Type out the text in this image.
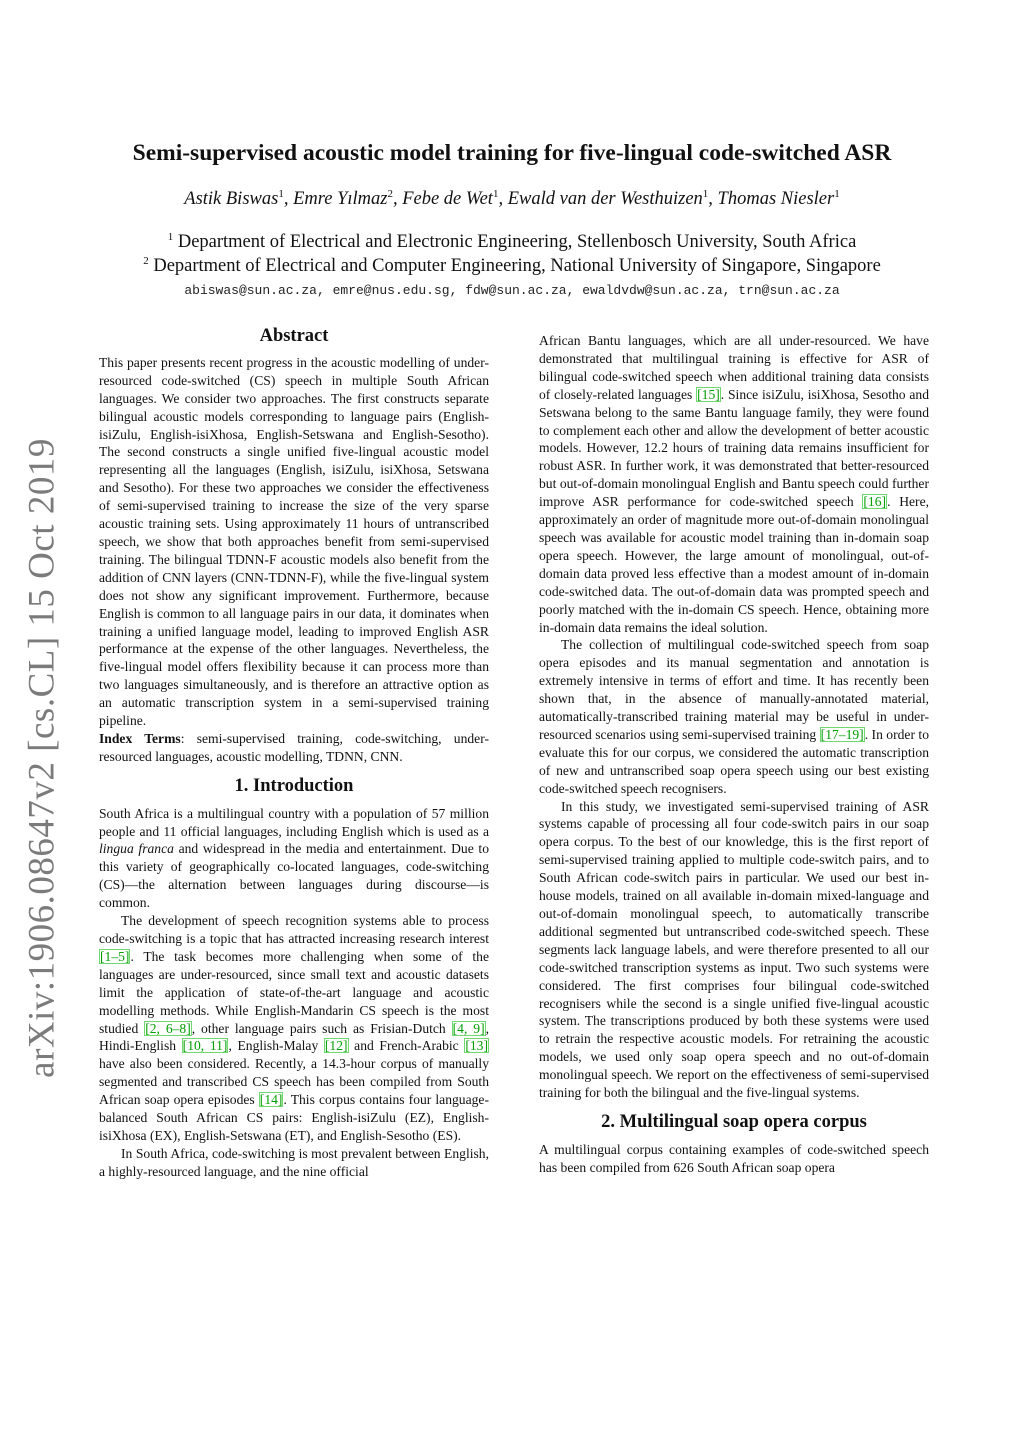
arXiv:1906.08647v2 [cs.CL] 15 Oct 2019
Semi-supervised acoustic model training for five-lingual code-switched ASR
Astik Biswas$^1$, Emre Yılmaz$^2$, Febe de Wet$^1$, Ewald van der Westhuizen$^1$, Thomas Niesler$^1$
$^1$ Department of Electrical and Electronic Engineering, Stellenbosch University, South Africa
$^2$ Department of Electrical and Computer Engineering, National University of Singapore, Singapore
abiswas@sun.ac.za, emre@nus.edu.sg, fdw@sun.ac.za, ewaldvdw@sun.ac.za, trn@sun.ac.za
Abstract

This paper presents recent progress in the acoustic modelling of under-resourced code-switched (CS) speech in multiple South African languages. We consider two approaches. The first constructs separate bilingual acoustic models corresponding to language pairs (English-isiZulu, English-isiXhosa, English-Setswana and English-Sesotho). The second constructs a single unified five-lingual acoustic model representing all the languages (English, isiZulu, isiXhosa, Setswana and Sesotho). For these two approaches we consider the effectiveness of semi-supervised training to increase the size of the very sparse acoustic training sets. Using approximately 11 hours of untranscribed speech, we show that both approaches benefit from semi-supervised training. The bilingual TDNN-F acoustic models also benefit from the addition of CNN layers (CNN-TDNN-F), while the five-lingual system does not show any significant improvement. Furthermore, because English is common to all language pairs in our data, it dominates when training a unified language model, leading to improved English ASR performance at the expense of the other languages. Nevertheless, the five-lingual model offers flexibility because it can process more than two languages simultaneously, and is therefore an attractive option as an automatic transcription system in a semi-supervised training pipeline.

Index Terms: semi-supervised training, code-switching, under-resourced languages, acoustic modelling, TDNN, CNN.

1. Introduction

South Africa is a multilingual country with a population of 57 million people and 11 official languages, including English which is used as a lingua franca and widespread in the media and entertainment. Due to this variety of geographically co-located languages, code-switching (CS)—the alternation between languages during discourse—is common.

The development of speech recognition systems able to process code-switching is a topic that has attracted increasing research interest [1–5]. The task becomes more challenging when some of the languages are under-resourced, since small text and acoustic datasets limit the application of state-of-the-art language and acoustic modelling methods. While English-Mandarin CS speech is the most studied [2, 6–8], other language pairs such as Frisian-Dutch [4, 9], Hindi-English [10, 11], English-Malay [12] and French-Arabic [13] have also been considered. Recently, a 14.3-hour corpus of manually segmented and transcribed CS speech has been compiled from South African soap opera episodes [14]. This corpus contains four language-balanced South African CS pairs: English-isiZulu (EZ), English-isiXhosa (EX), English-Setswana (ET), and English-Sesotho (ES).

In South Africa, code-switching is most prevalent between English, a highly-resourced language, and the nine official

African Bantu languages, which are all under-resourced. We have demonstrated that multilingual training is effective for ASR of bilingual code-switched speech when additional training data consists of closely-related languages [15]. Since isiZulu, isiXhosa, Sesotho and Setswana belong to the same Bantu language family, they were found to complement each other and allow the development of better acoustic models. However, 12.2 hours of training data remains insufficient for robust ASR. In further work, it was demonstrated that better-resourced but out-of-domain monolingual English and Bantu speech could further improve ASR performance for code-switched speech [16]. Here, approximately an order of magnitude more out-of-domain monolingual speech was available for acoustic model training than in-domain soap opera speech. However, the large amount of monolingual, out-of-domain data proved less effective than a modest amount of in-domain code-switched data. The out-of-domain data was prompted speech and poorly matched with the in-domain CS speech. Hence, obtaining more in-domain data remains the ideal solution.

The collection of multilingual code-switched speech from soap opera episodes and its manual segmentation and annotation is extremely intensive in terms of effort and time. It has recently been shown that, in the absence of manually-annotated material, automatically-transcribed training material may be useful in under-resourced scenarios using semi-supervised training [17–19]. In order to evaluate this for our corpus, we considered the automatic transcription of new and untranscribed soap opera speech using our best existing code-switched speech recognisers.

In this study, we investigated semi-supervised training of ASR systems capable of processing all four code-switch pairs in our soap opera corpus. To the best of our knowledge, this is the first report of semi-supervised training applied to multiple code-switch pairs, and to South African code-switch pairs in particular. We used our best in-house models, trained on all available in-domain mixed-language and out-of-domain monolingual speech, to automatically transcribe additional segmented but untranscribed code-switched speech. These segments lack language labels, and were therefore presented to all our code-switched transcription systems as input. Two such systems were considered. The first comprises four bilingual code-switched recognisers while the second is a single unified five-lingual acoustic system. The transcriptions produced by both these systems were used to retrain the respective acoustic models. For retraining the acoustic models, we used only soap opera speech and no out-of-domain monolingual speech. We report on the effectiveness of semi-supervised training for both the bilingual and the five-lingual systems.

2. Multilingual soap opera corpus

A multilingual corpus containing examples of code-switched speech has been compiled from 626 South African soap opera
